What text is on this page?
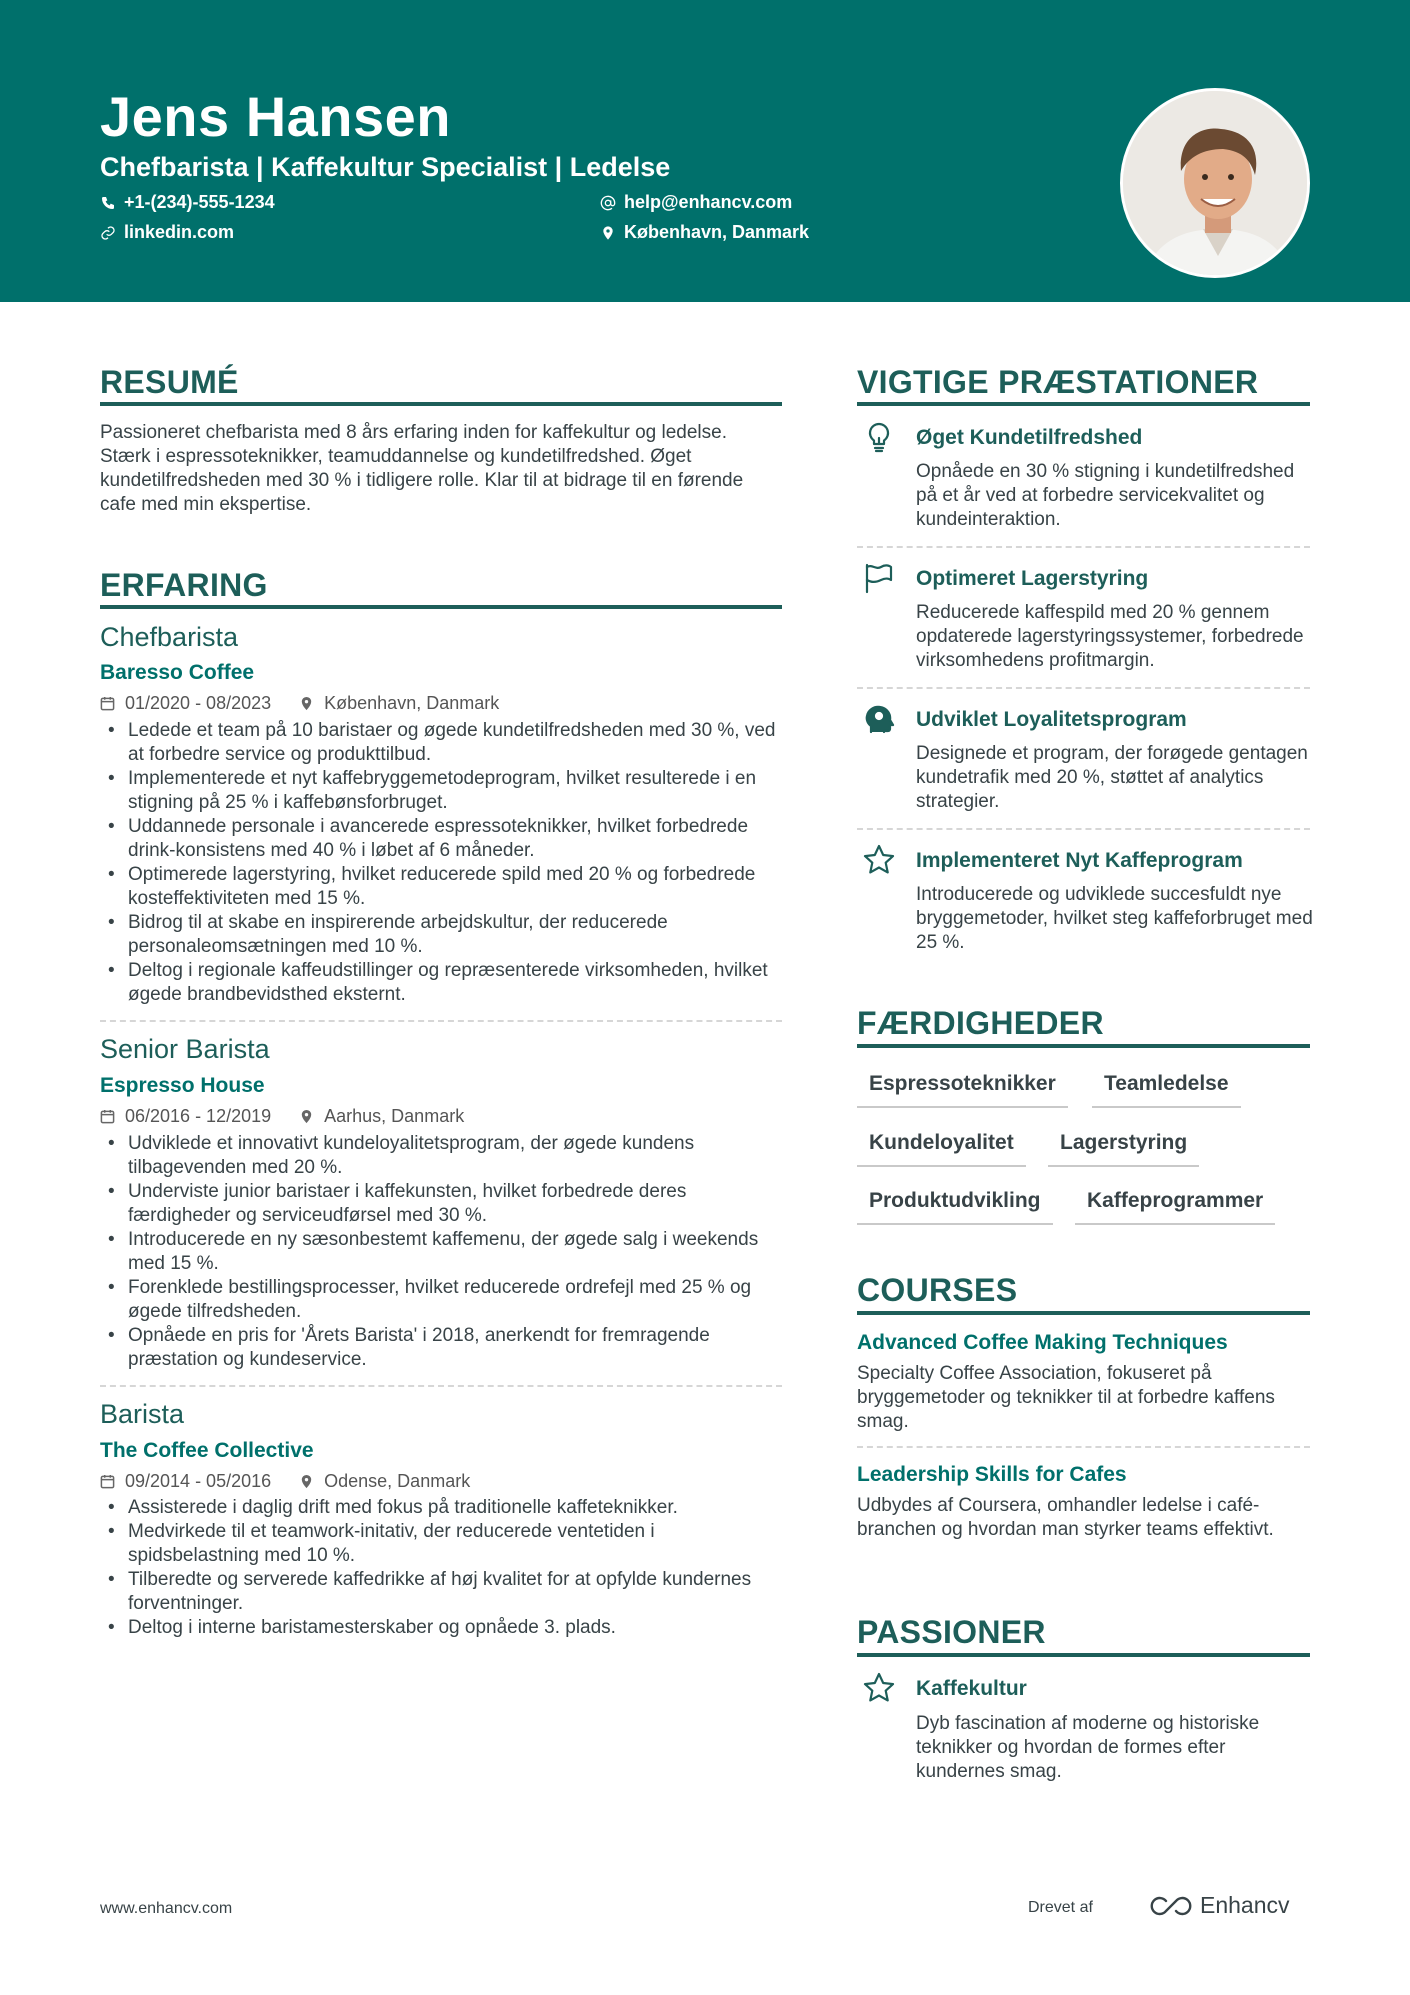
Jens Hansen
Chefbarista | Kaffekultur Specialist | Ledelse
+1-(234)-555-1234
linkedin.com
help@enhancv.com
København, Danmark
RESUMÉ
Passioneret chefbarista med 8 års erfaring inden for kaffekultur og ledelse. Stærk i espressoteknikker, teamuddannelse og kundetilfredshed. Øget kundetilfredsheden med 30 % i tidligere rolle. Klar til at bidrage til en førende cafe med min ekspertise.
ERFARING
Chefbarista
Baresso Coffee
01/2020 - 08/2023	København, Danmark
• Ledede et team på 10 baristaer og øgede kundetilfredsheden med 30 %, ved at forbedre service og produkttilbud.
• Implementerede et nyt kaffebryggemetodeprogram, hvilket resulterede i en stigning på 25 % i kaffebønsforbruget.
• Uddannede personale i avancerede espressoteknikker, hvilket forbedrede drink-konsistens med 40 % i løbet af 6 måneder.
• Optimerede lagerstyring, hvilket reducerede spild med 20 % og forbedrede kosteffektiviteten med 15 %.
• Bidrog til at skabe en inspirerende arbejdskultur, der reducerede personaleomsætningen med 10 %.
• Deltog i regionale kaffeudstillinger og repræsenterede virksomheden, hvilket øgede brandbevidsthed eksternt.
Senior Barista
Espresso House
06/2016 - 12/2019	Aarhus, Danmark
• Udviklede et innovativt kundeloyalitetsprogram, der øgede kundens tilbagevenden med 20 %.
• Underviste junior baristaer i kaffekunsten, hvilket forbedrede deres færdigheder og serviceudførsel med 30 %.
• Introducerede en ny sæsonbestemt kaffemenu, der øgede salg i weekends med 15 %.
• Forenklede bestillingsprocesser, hvilket reducerede ordrefejl med 25 % og øgede tilfredsheden.
• Opnåede en pris for 'Årets Barista' i 2018, anerkendt for fremragende præstation og kundeservice.
Barista
The Coffee Collective
09/2014 - 05/2016	Odense, Danmark
• Assisterede i daglig drift med fokus på traditionelle kaffeteknikker.
• Medvirkede til et teamwork-initativ, der reducerede ventetiden i spidsbelastning med 10 %.
• Tilberedte og serverede kaffedrikke af høj kvalitet for at opfylde kundernes forventninger.
• Deltog i interne baristamesterskaber og opnåede 3. plads.
VIGTIGE PRÆSTATIONER
Øget Kundetilfredshed
Opnåede en 30 % stigning i kundetilfredshed på et år ved at forbedre servicekvalitet og kundeinteraktion.
Optimeret Lagerstyring
Reducerede kaffespild med 20 % gennem opdaterede lagerstyringssystemer, forbedrede virksomhedens profitmargin.
Udviklet Loyalitetsprogram
Designede et program, der forøgede gentagen kundetrafik med 20 %, støttet af analytics strategier.
Implementeret Nyt Kaffeprogram
Introducerede og udviklede succesfuldt nye bryggemetoder, hvilket steg kaffeforbruget med 25 %.
FÆRDIGHEDER
Espressoteknikker	Teamledelse
Kundeloyalitet	Lagerstyring
Produktudvikling	Kaffeprogrammer
COURSES
Advanced Coffee Making Techniques
Specialty Coffee Association, fokuseret på bryggemetoder og teknikker til at forbedre kaffens smag.
Leadership Skills for Cafes
Udbydes af Coursera, omhandler ledelse i café-branchen og hvordan man styrker teams effektivt.
PASSIONER
Kaffekultur
Dyb fascination af moderne og historiske teknikker og hvordan de formes efter kundernes smag.
www.enhancv.com	Drevet af	Enhancv
